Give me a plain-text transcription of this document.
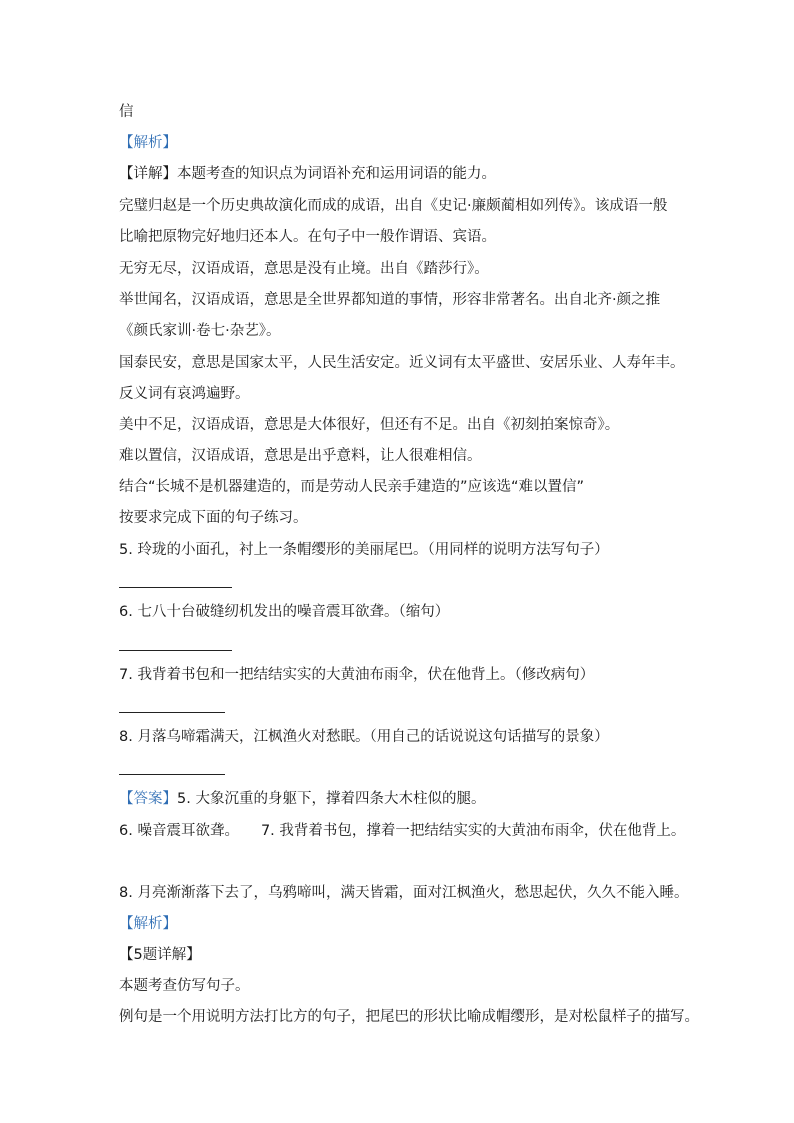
信

【解析】

【详解】本题考查的知识点为词语补充和运用词语的能力。

完璧归赵是一个历史典故演化而成的成语，出自《史记·廉颇蔺相如列传》。该成语一般

比喻把原物完好地归还本人。在句子中一般作谓语、宾语。

无穷无尽，汉语成语，意思是没有止境。出自《踏莎行》。

举世闻名，汉语成语，意思是全世界都知道的事情，形容非常著名。出自北齐·颜之推

《颜氏家训·卷七·杂艺》。

国泰民安，意思是国家太平，人民生活安定。近义词有太平盛世、安居乐业、人寿年丰。

反义词有哀鸿遍野。

美中不足，汉语成语，意思是大体很好，但还有不足。出自《初刻拍案惊奇》。

难以置信，汉语成语，意思是出乎意料，让人很难相信。

结合“长城不是机器建造的，而是劳动人民亲手建造的”应该选“难以置信”

按要求完成下面的句子练习。

5. 玲珑的小面孔，衬上一条帽缨形的美丽尾巴。（用同样的说明方法写句子）

6. 七八十台破缝纫机发出的噪音震耳欲聋。（缩句）

7. 我背着书包和一把结结实实的大黄油布雨伞，伏在他背上。（修改病句）

8. 月落乌啼霜满天，江枫渔火对愁眠。（用自己的话说说这句话描写的景象）

【答案】5. 大象沉重的身躯下，撑着四条大木柱似的腿。

6. 噪音震耳欲聋。 7. 我背着书包，撑着一把结结实实的大黄油布雨伞，伏在他背上。

8. 月亮渐渐落下去了，乌鸦啼叫，满天皆霜，面对江枫渔火，愁思起伏，久久不能入睡。

【解析】

【5题详解】

本题考查仿写句子。

例句是一个用说明方法打比方的句子，把尾巴的形状比喻成帽缨形，是对松鼠样子的描写。
